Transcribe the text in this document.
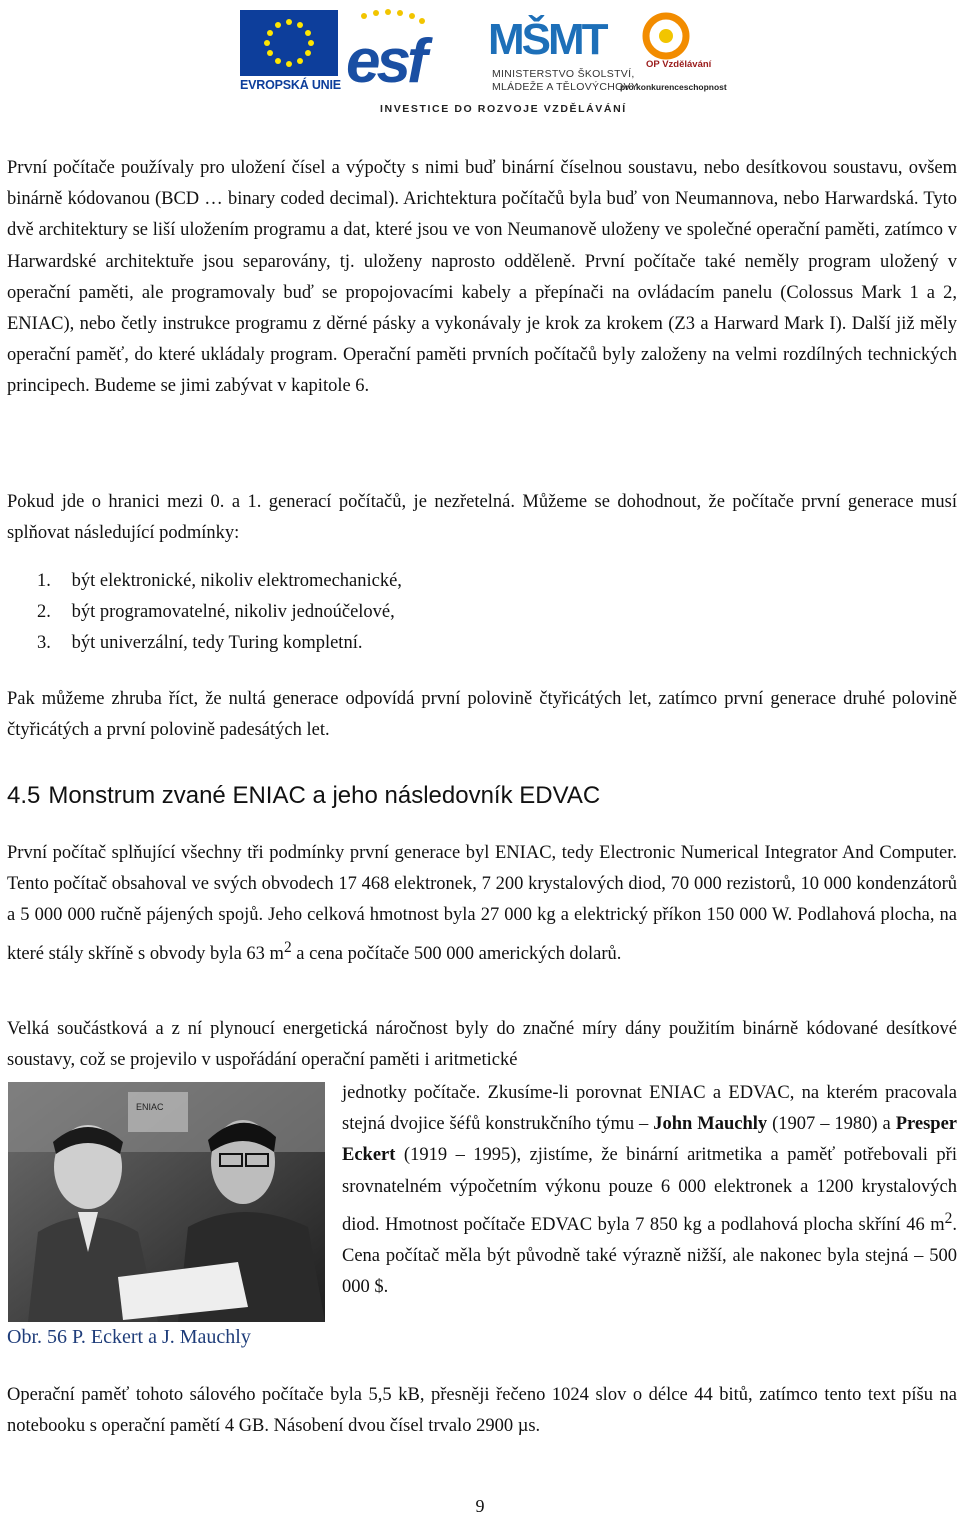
EVROPSKÁ UNIE esf MŠMT
MINISTERSTVO ŠKOLSTVÍ,
MLÁDEŽE A TĚLOVÝCHOVY
OP Vzdělávání
pro konkurenceschopnost
INVESTICE DO ROZVOJE VZDĚLÁVÁNÍ

První počítače používaly pro uložení čísel a výpočty s nimi buď binární číselnou soustavu, nebo desítkovou soustavu, ovšem binárně kódovanou (BCD … binary coded decimal). Arichtektura počítačů byla buď von Neumannova, nebo Harwardská. Tyto dvě architektury se liší uložením programu a dat, které jsou ve von Neumanově uloženy ve společné operační paměti, zatímco v Harwardské architektuře jsou separovány, tj. uloženy naprosto odděleně. První počítače také neměly program uložený v operační paměti, ale programovaly buď se propojovacími kabely a přepínači na ovládacím panelu (Colossus Mark 1 a 2, ENIAC), nebo četly instrukce programu z děrné pásky a vykonávaly je krok za krokem (Z3 a Harward Mark I). Další již měly operační paměť, do které ukládaly program. Operační paměti prvních počítačů byly založeny na velmi rozdílných technických principech. Budeme se jimi zabývat v kapitole 6.

Pokud jde o hranici mezi 0. a 1. generací počítačů, je nezřetelná. Můžeme se dohodnout, že počítače první generace musí splňovat následující podmínky:

1. být elektronické, nikoliv elektromechanické,
2. být programovatelné, nikoliv jednoúčelové,
3. být univerzální, tedy Turing kompletní.

Pak můžeme zhruba říct, že nultá generace odpovídá první polovině čtyřicátých let, zatímco první generace druhé polovině čtyřicátých a první polovině padesátých let.

4.5 Monstrum zvané ENIAC a jeho následovník EDVAC

První počítač splňující všechny tři podmínky první generace byl ENIAC, tedy Electronic Numerical Integrator And Computer. Tento počítač obsahoval ve svých obvodech 17 468 elektronek, 7 200 krystalových diod, 70 000 rezistorů, 10 000 kondenzátorů a 5 000 000 ručně pájených spojů. Jeho celková hmotnost byla 27 000 kg a elektrický příkon 150 000 W. Podlahová plocha, na které stály skříně s obvody byla 63 $m^2$ a cena počítače 500 000 amerických dolarů.

Velká součástková a z ní plynoucí energetická náročnost byly do značné míry dány použitím binárně kódované desítkové soustavy, což se projevilo v uspořádání operační paměti i aritmetické

ENIAC
Obr. 56 P. Eckert a J. Mauchly

jednotky počítače. Zkusíme-li porovnat ENIAC a EDVAC, na kterém pracovala stejná dvojice šéfů konstrukčního týmu – John Mauchly (1907 – 1980) a Presper Eckert (1919 – 1995), zjistíme, že binární aritmetika a paměť potřebovali při srovnatelném výpočetním výkonu pouze 6 000 elektronek a 1200 krystalových diod. Hmotnost počítače EDVAC byla 7 850 kg a podlahová plocha skříní 46 $m^2$. Cena počítač měla být původně také výrazně nižší, ale nakonec byla stejná – 500 000 $.

Operační paměť tohoto sálového počítače byla 5,5 kB, přesněji řečeno 1024 slov o délce 44 bitů, zatímco tento text píšu na notebooku s operační pamětí 4 GB. Násobení dvou čísel trvalo 2900 µs.

9
